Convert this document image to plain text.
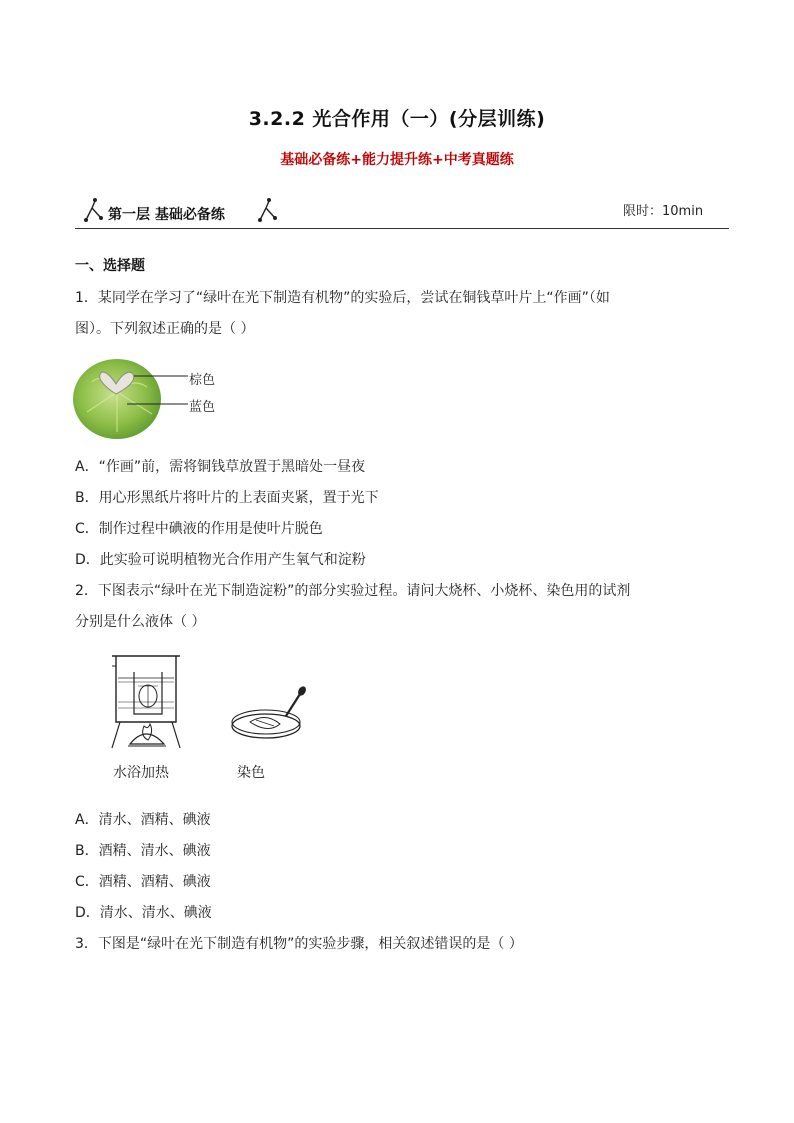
3.2.2 光合作用（一）(分层训练)
基础必备练+能力提升练+中考真题练
第一层 基础必备练	限时：10min
一、选择题
1．某同学在学习了“绿叶在光下制造有机物”的实验后，尝试在铜钱草叶片上“作画”（如
图）。下列叙述正确的是（ ）
棕色
蓝色
A．“作画”前，需将铜钱草放置于黑暗处一昼夜
B．用心形黑纸片将叶片的上表面夹紧，置于光下
C．制作过程中碘液的作用是使叶片脱色
D．此实验可说明植物光合作用产生氧气和淀粉
2．下图表示“绿叶在光下制造淀粉”的部分实验过程。请问大烧杯、小烧杯、染色用的试剂
分别是什么液体（ ）
水浴加热	染色
A．清水、酒精、碘液
B．酒精、清水、碘液
C．酒精、酒精、碘液
D．清水、清水、碘液
3．下图是“绿叶在光下制造有机物”的实验步骤，相关叙述错误的是（ ）
